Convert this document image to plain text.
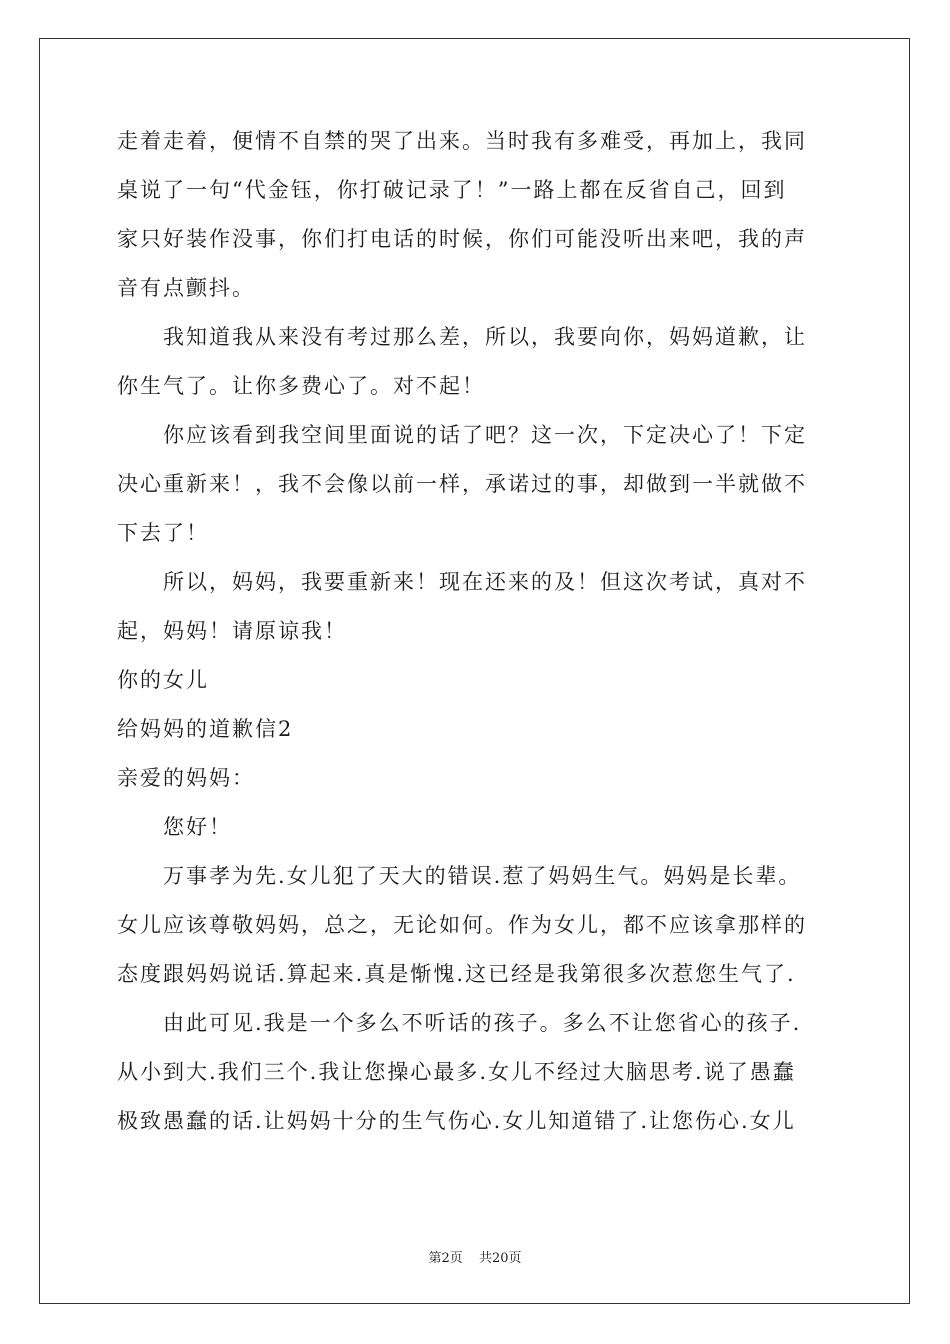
走着走着，便情不自禁的哭了出来。当时我有多难受，再加上，我同
桌说了一句“代金钰，你打破记录了！”一路上都在反省自己，回到
家只好装作没事，你们打电话的时候，你们可能没听出来吧，我的声
音有点颤抖。
　　我知道我从来没有考过那么差，所以，我要向你，妈妈道歉，让
你生气了。让你多费心了。对不起！
　　你应该看到我空间里面说的话了吧？这一次，下定决心了！下定
决心重新来！，我不会像以前一样，承诺过的事，却做到一半就做不
下去了！
　　所以，妈妈，我要重新来！现在还来的及！但这次考试，真对不
起，妈妈！请原谅我！
你的女儿
给妈妈的道歉信2
亲爱的妈妈：
　　您好！
　　万事孝为先.女儿犯了天大的错误.惹了妈妈生气。妈妈是长辈。
女儿应该尊敬妈妈，总之，无论如何。作为女儿，都不应该拿那样的
态度跟妈妈说话.算起来.真是惭愧.这已经是我第很多次惹您生气了.
　　由此可见.我是一个多么不听话的孩子。多么不让您省心的孩子.
从小到大.我们三个.我让您操心最多.女儿不经过大脑思考.说了愚蠢
极致愚蠢的话.让妈妈十分的生气伤心.女儿知道错了.让您伤心.女儿
第2页 共20页
